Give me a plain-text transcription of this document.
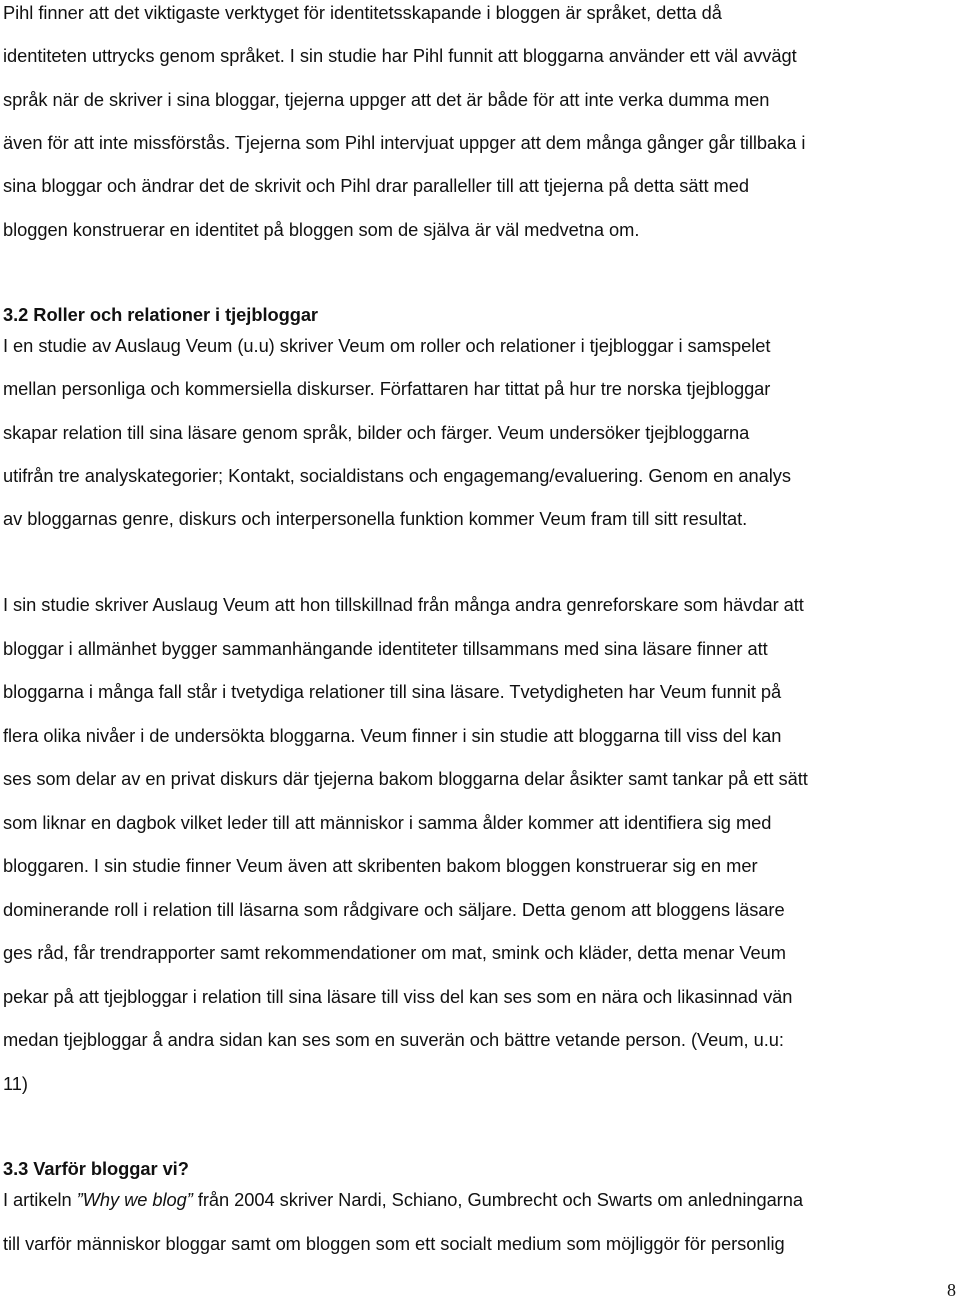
Pihl finner att det viktigaste verktyget för identitetsskapande i bloggen är språket, detta då
identiteten uttrycks genom språket. I sin studie har Pihl funnit att bloggarna använder ett väl avvägt
språk när de skriver i sina bloggar, tjejerna uppger att det är både för att inte verka dumma men
även för att inte missförstås. Tjejerna som Pihl intervjuat uppger att dem många gånger går tillbaka i
sina bloggar och ändrar det de skrivit och Pihl drar paralleller till att tjejerna på detta sätt med
bloggen konstruerar en identitet på bloggen som de själva är väl medvetna om.
3.2 Roller och relationer i tjejbloggar
I en studie av Auslaug Veum (u.u) skriver Veum om roller och relationer i tjejbloggar i samspelet
mellan personliga och kommersiella diskurser. Författaren har tittat på hur tre norska tjejbloggar
skapar relation till sina läsare genom språk, bilder och färger. Veum undersöker tjejbloggarna
utifrån tre analyskategorier; Kontakt, socialdistans och engagemang/evaluering. Genom en analys
av bloggarnas genre, diskurs och interpersonella funktion kommer Veum fram till sitt resultat.
I sin studie skriver Auslaug Veum att hon tillskillnad från många andra genreforskare som hävdar att
bloggar i allmänhet bygger sammanhängande identiteter tillsammans med sina läsare finner att
bloggarna i många fall står i tvetydiga relationer till sina läsare. Tvetydigheten har Veum funnit på
flera olika nivåer i de undersökta bloggarna. Veum finner i sin studie att bloggarna till viss del kan
ses som delar av en privat diskurs där tjejerna bakom bloggarna delar åsikter samt tankar på ett sätt
som liknar en dagbok vilket leder till att människor i samma ålder kommer att identifiera sig med
bloggaren. I sin studie finner Veum även att skribenten bakom bloggen konstruerar sig en mer
dominerande roll i relation till läsarna som rådgivare och säljare. Detta genom att bloggens läsare
ges råd, får trendrapporter samt rekommendationer om mat, smink och kläder, detta menar Veum
pekar på att tjejbloggar i relation till sina läsare till viss del kan ses som en nära och likasinnad vän
medan tjejbloggar å andra sidan kan ses som en suverän och bättre vetande person. (Veum, u.u:
11)
3.3 Varför bloggar vi?
I artikeln ”Why we blog” från 2004 skriver Nardi, Schiano, Gumbrecht och Swarts om anledningarna
till varför människor bloggar samt om bloggen som ett socialt medium som möjliggör för personlig
8
